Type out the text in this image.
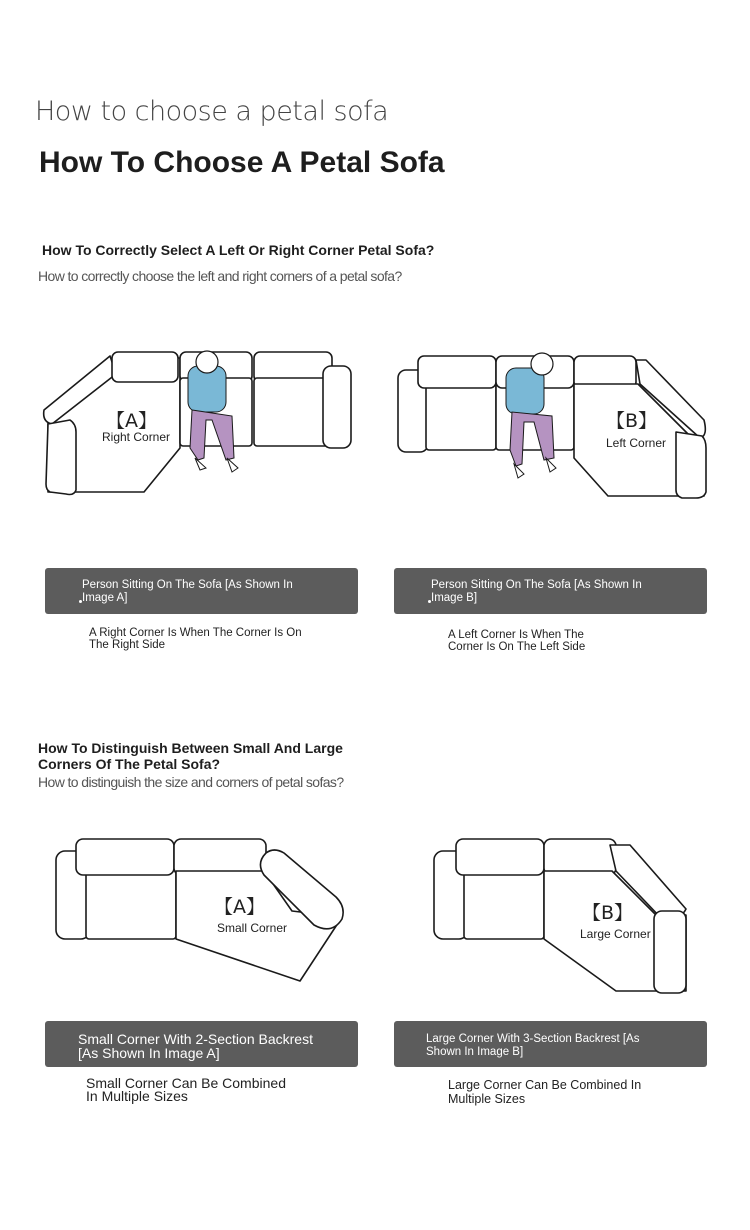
How to choose a petal sofa
How To Choose A Petal Sofa
How To Correctly Select A Left Or Right Corner Petal Sofa?
How to correctly choose the left and right corners of a petal sofa?
【A】
Right Corner
【B】
Left Corner
Person Sitting On The Sofa [As Shown In Image A]
Person Sitting On The Sofa [As Shown In Image B]
A Right Corner Is When The Corner Is On The Right Side
A Left Corner Is When The Corner Is On The Left Side
How To Distinguish Between Small And Large Corners Of The Petal Sofa?
How to distinguish the size and corners of petal sofas?
【A】
Small Corner
【B】
Large Corner
Small Corner With 2-Section Backrest [As Shown In Image A]
Large Corner With 3-Section Backrest [As Shown In Image B]
Small Corner Can Be Combined In Multiple Sizes
Large Corner Can Be Combined In Multiple Sizes
